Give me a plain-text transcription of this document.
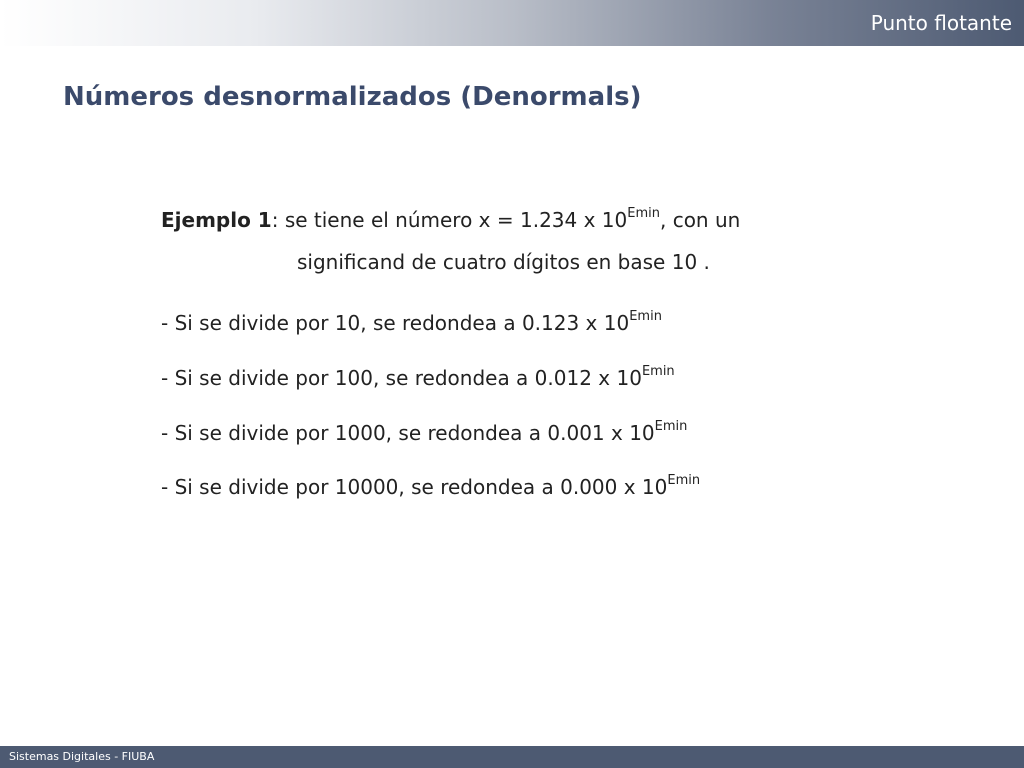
Punto flotante
Números desnormalizados (Denormals)
Ejemplo 1: se tiene el número x = 1.234 x $10^{Emin}$, con un
significand de cuatro dígitos en base 10 .
- Si se divide por 10, se redondea a 0.123 x $10^{Emin}$
- Si se divide por 100, se redondea a 0.012 x $10^{Emin}$
- Si se divide por 1000, se redondea a 0.001 x $10^{Emin}$
- Si se divide por 10000, se redondea a 0.000 x $10^{Emin}$
Sistemas Digitales - FIUBA
